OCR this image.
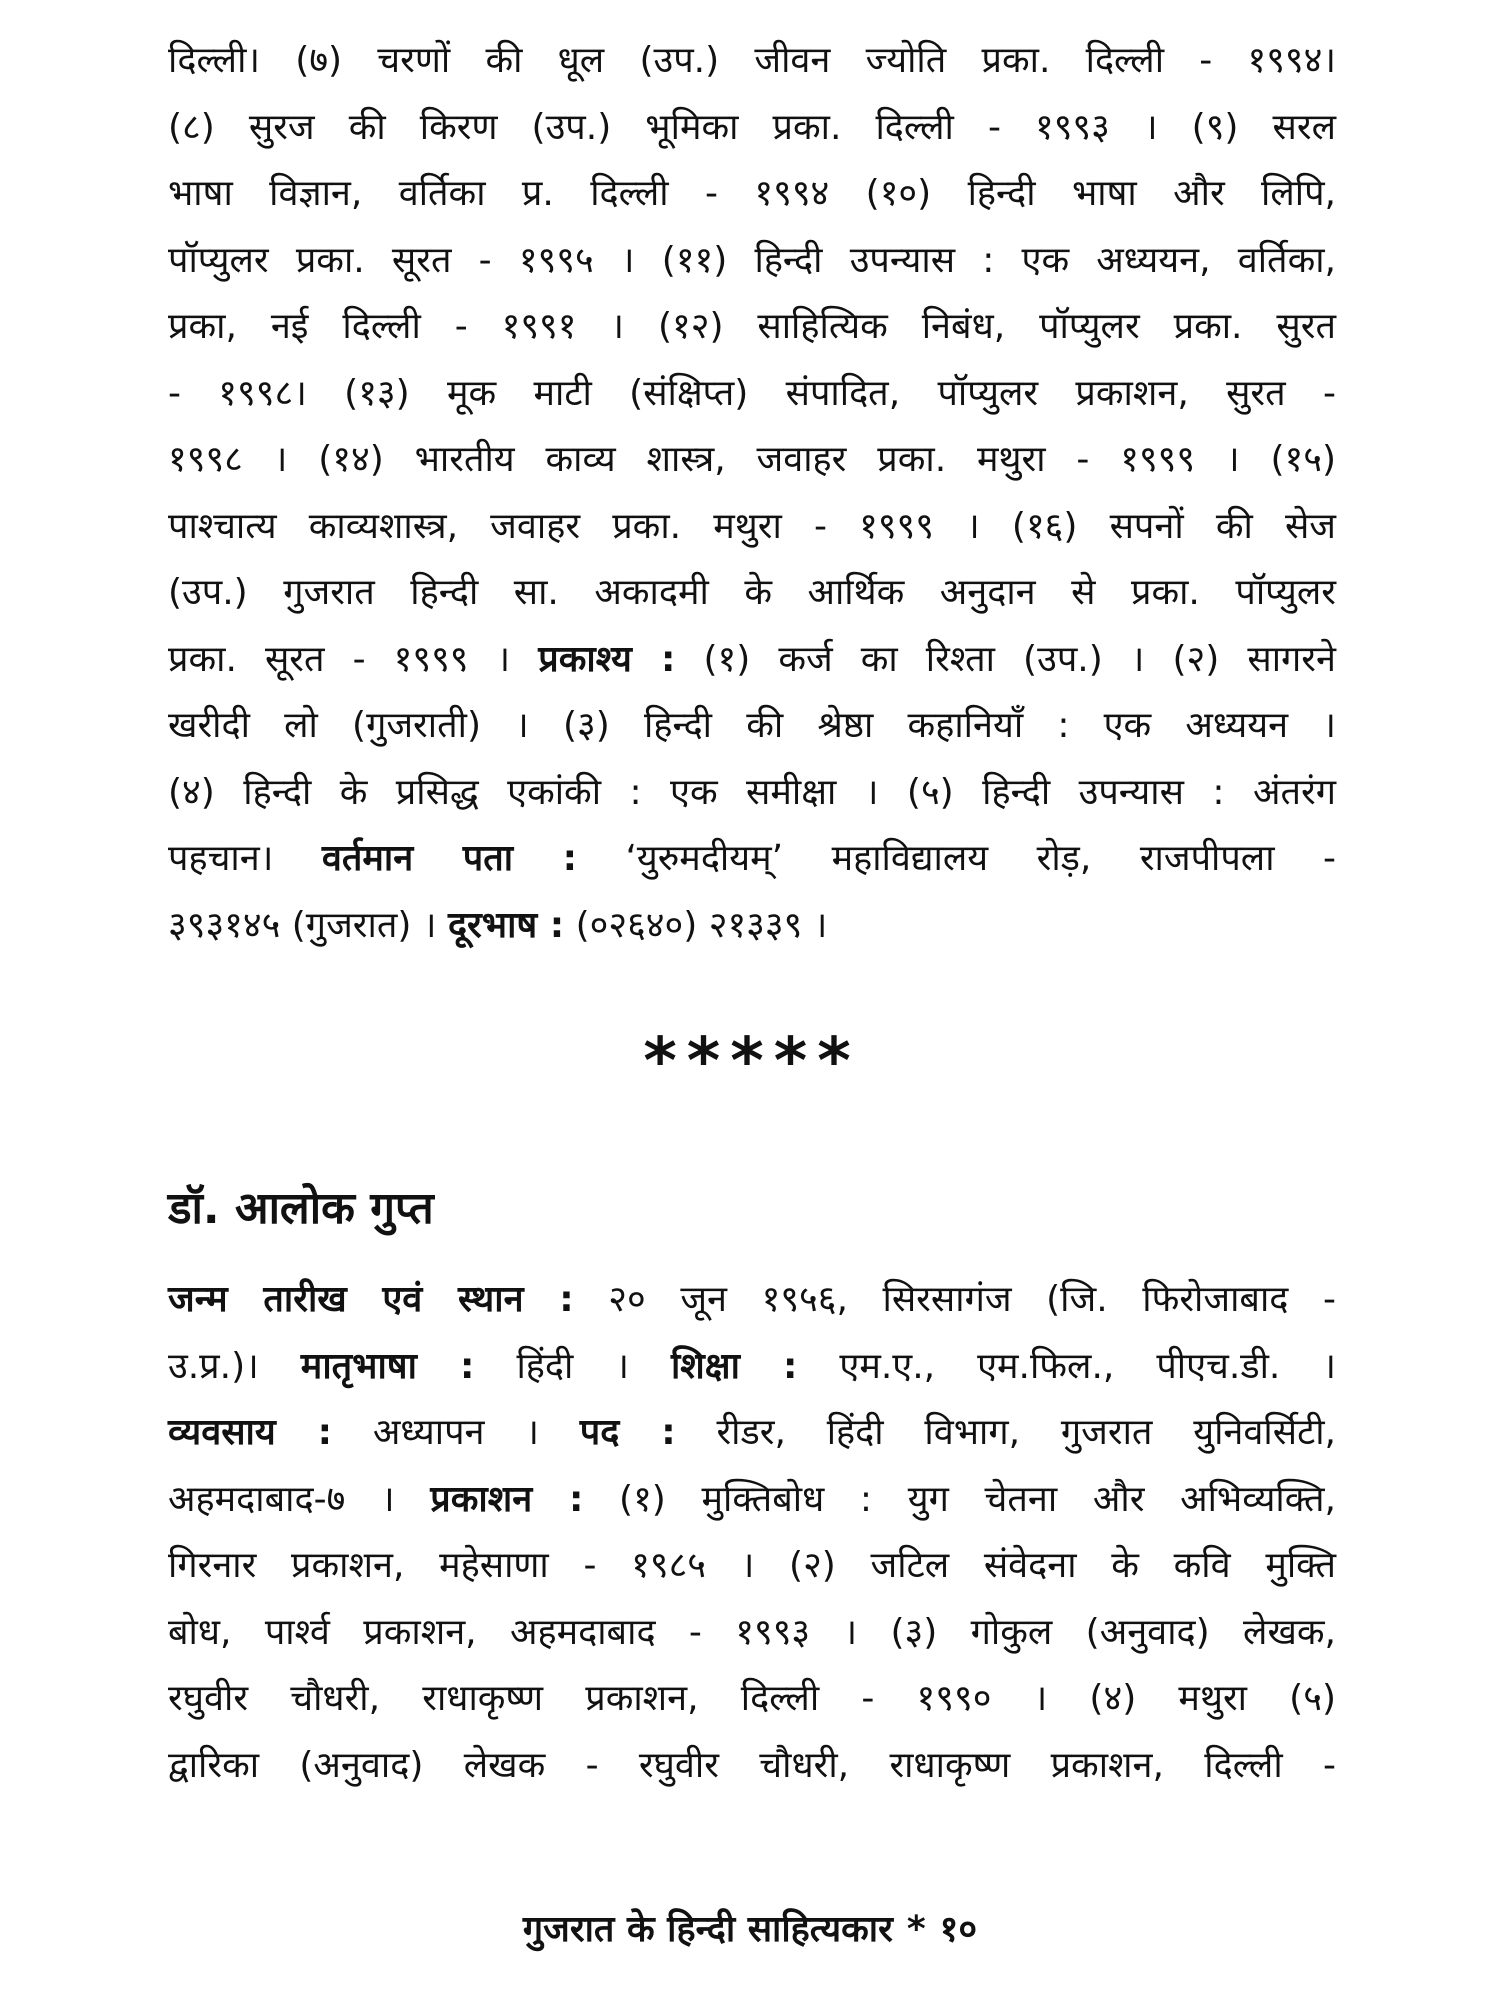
दिल्ली। (७) चरणों की धूल (उप.) जीवन ज्योति प्रका. दिल्ली - १९९४।
(८) सुरज की किरण (उप.) भूमिका प्रका. दिल्ली - १९९३ । (९) सरल
भाषा विज्ञान, वर्तिका प्र. दिल्ली - १९९४ (१०) हिन्दी भाषा और लिपि,
पॉप्युलर प्रका. सूरत - १९९५ । (११) हिन्दी उपन्यास : एक अध्ययन, वर्तिका,
प्रका, नई दिल्ली - १९९१ । (१२) साहित्यिक निबंध, पॉप्युलर प्रका. सुरत
- १९९८। (१३) मूक माटी (संक्षिप्त) संपादित, पॉप्युलर प्रकाशन, सुरत -
१९९८ । (१४) भारतीय काव्य शास्त्र, जवाहर प्रका. मथुरा - १९९९ । (१५)
पाश्चात्य काव्यशास्त्र, जवाहर प्रका. मथुरा - १९९९ । (१६) सपनों की सेज
(उप.) गुजरात हिन्दी सा. अकादमी के आर्थिक अनुदान से प्रका. पॉप्युलर
प्रका. सूरत - १९९९ । प्रकाश्य : (१) कर्ज का रिश्ता (उप.) । (२) सागरने
खरीदी लो (गुजराती) । (३) हिन्दी की श्रेष्ठा कहानियाँ : एक अध्ययन ।
(४) हिन्दी के प्रसिद्ध एकांकी : एक समीक्षा । (५) हिन्दी उपन्यास : अंतरंग
पहचान। वर्तमान पता : ‘युरुमदीयम्’ महाविद्यालय रोड़, राजपीपला -
३९३१४५ (गुजरात) । दूरभाष : (०२६४०) २१३३९ ।
*****
डॉ. आलोक गुप्त
जन्म तारीख एवं स्थान : २० जून १९५६, सिरसागंज (जि. फिरोजाबाद -
उ.प्र.)। मातृभाषा : हिंदी । शिक्षा : एम.ए., एम.फिल., पीएच.डी. ।
व्यवसाय : अध्यापन । पद : रीडर, हिंदी विभाग, गुजरात युनिवर्सिटी,
अहमदाबाद-७ । प्रकाशन : (१) मुक्तिबोध : युग चेतना और अभिव्यक्ति,
गिरनार प्रकाशन, महेसाणा - १९८५ । (२) जटिल संवेदना के कवि मुक्ति
बोध, पार्श्व प्रकाशन, अहमदाबाद - १९९३ । (३) गोकुल (अनुवाद) लेखक,
रघुवीर चौधरी, राधाकृष्ण प्रकाशन, दिल्ली - १९९० । (४) मथुरा (५)
द्वारिका (अनुवाद) लेखक - रघुवीर चौधरी, राधाकृष्ण प्रकाशन, दिल्ली -
गुजरात के हिन्दी साहित्यकार * १०
